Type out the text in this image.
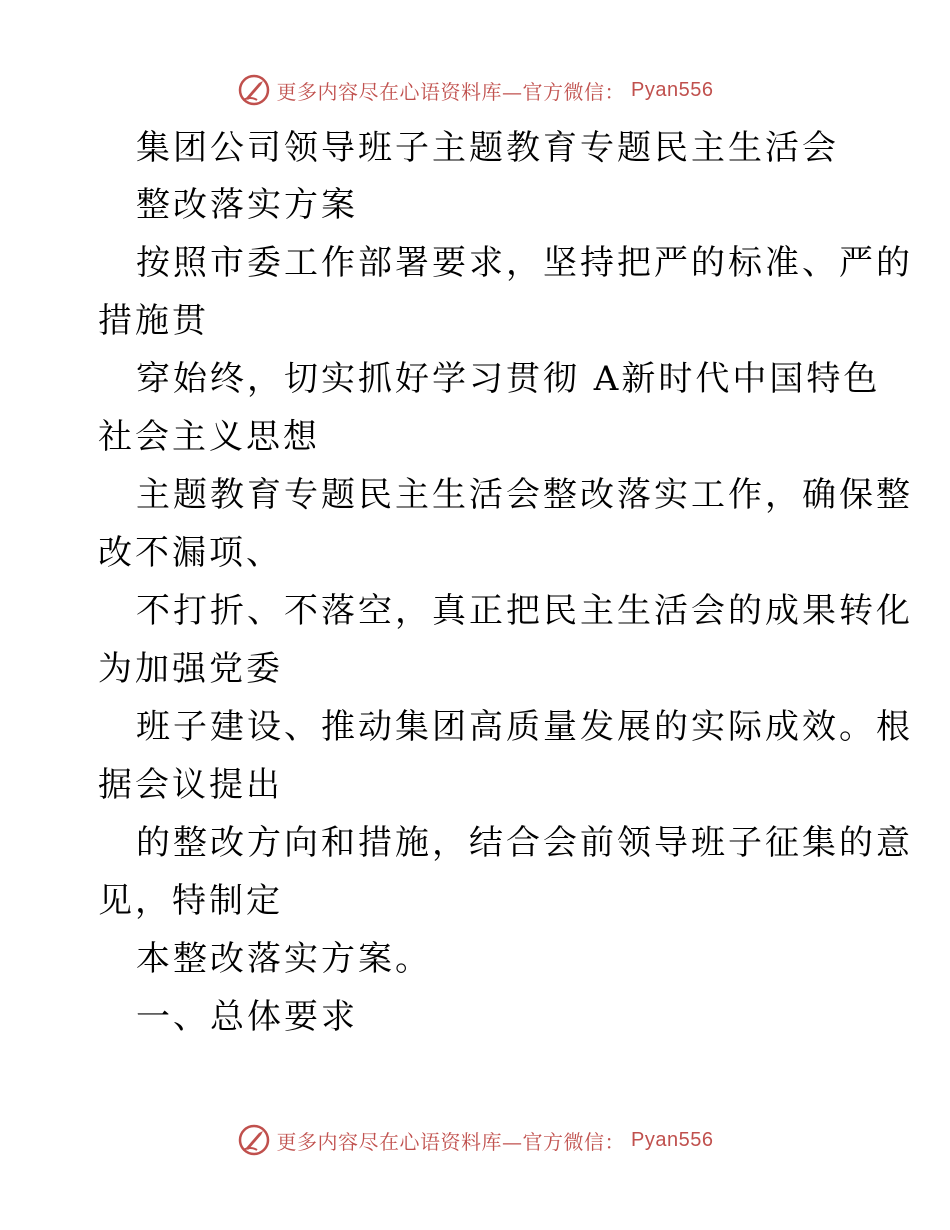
更多内容尽在心语资料库—官方微信： Pyan556
集团公司领导班子主题教育专题民主生活会
整改落实方案
按照市委工作部署要求，坚持把严的标准、严的
措施贯
穿始终，切实抓好学习贯彻 A新时代中国特色
社会主义思想
主题教育专题民主生活会整改落实工作，确保整
改不漏项、
不打折、不落空，真正把民主生活会的成果转化
为加强党委
班子建设、推动集团高质量发展的实际成效。根
据会议提出
的整改方向和措施，结合会前领导班子征集的意
见，特制定
本整改落实方案。
一、总体要求
更多内容尽在心语资料库—官方微信： Pyan556
